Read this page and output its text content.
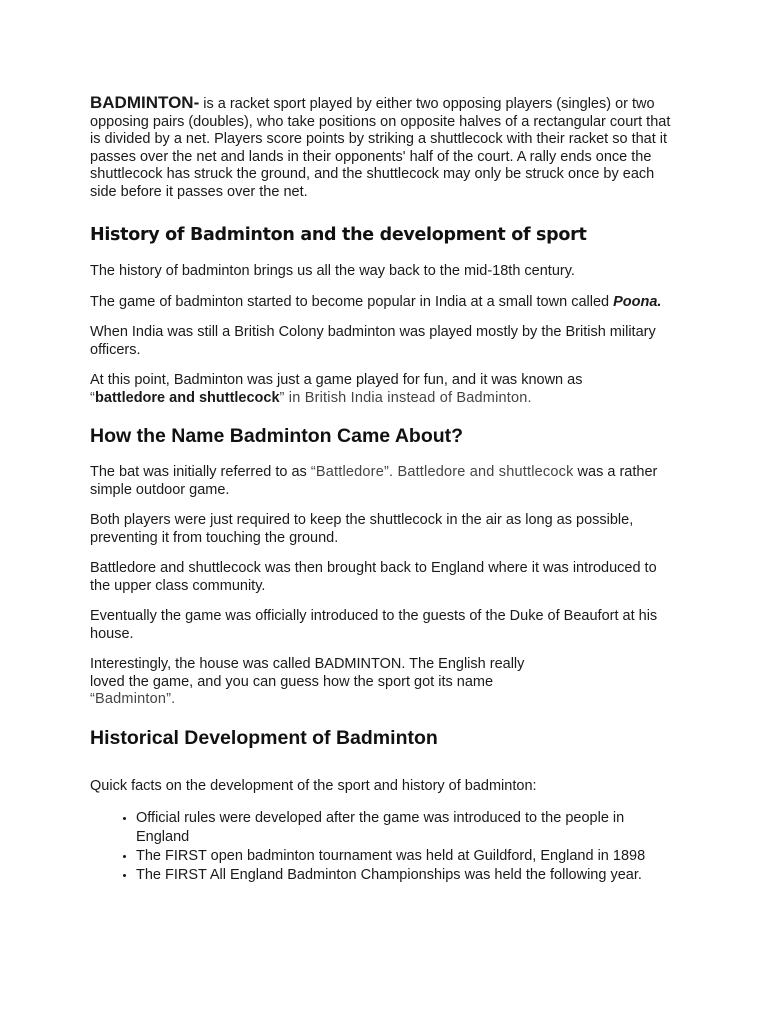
BADMINTON- is a racket sport played by either two opposing players (singles) or two opposing pairs (doubles), who take positions on opposite halves of a rectangular court that is divided by a net. Players score points by striking a shuttlecock with their racket so that it passes over the net and lands in their opponents' half of the court. A rally ends once the shuttlecock has struck the ground, and the shuttlecock may only be struck once by each side before it passes over the net.

History of Badminton and the development of sport

The history of badminton brings us all the way back to the mid-18th century.

The game of badminton started to become popular in India at a small town called Poona.

When India was still a British Colony badminton was played mostly by the British military officers.

At this point, Badminton was just a game played for fun, and it was known as
“battledore and shuttlecock” in British India instead of Badminton.

How the Name Badminton Came About?

The bat was initially referred to as “Battledore”. Battledore and shuttlecock was a rather simple outdoor game.

Both players were just required to keep the shuttlecock in the air as long as possible, preventing it from touching the ground.

Battledore and shuttlecock was then brought back to England where it was introduced to the upper class community.

Eventually the game was officially introduced to the guests of the Duke of Beaufort at his house.

Interestingly, the house was called BADMINTON. The English really
loved the game, and you can guess how the sport got its name
“Badminton”.

Historical Development of Badminton

Quick facts on the development of the sport and history of badminton:

• Official rules were developed after the game was introduced to the people in England
• The FIRST open badminton tournament was held at Guildford, England in 1898
• The FIRST All England Badminton Championships was held the following year.
